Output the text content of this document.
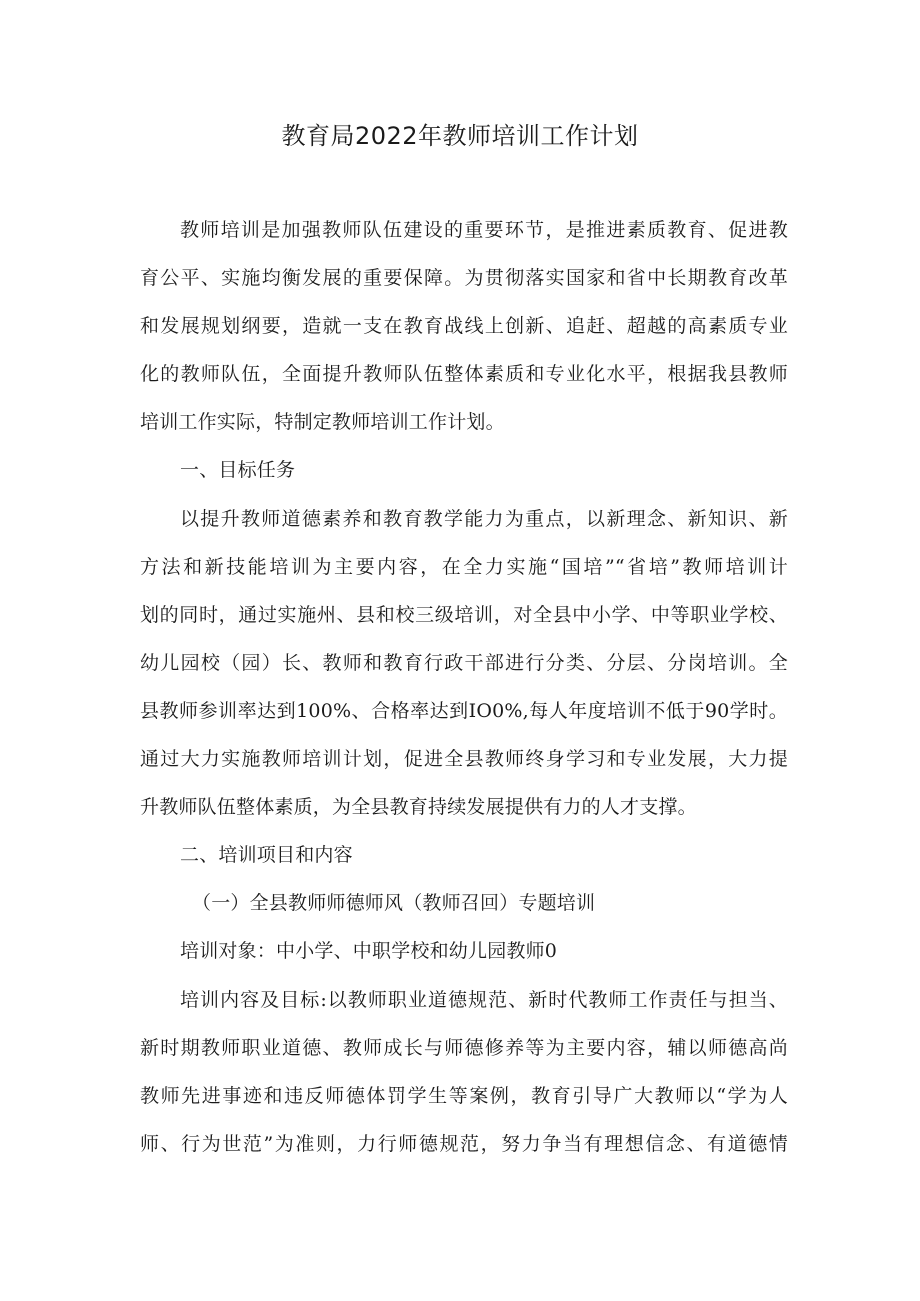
教育局2022年教师培训工作计划
教师培训是加强教师队伍建设的重要环节，是推进素质教育、促进教
育公平、实施均衡发展的重要保障。为贯彻落实国家和省中长期教育改革
和发展规划纲要，造就一支在教育战线上创新、追赶、超越的高素质专业
化的教师队伍，全面提升教师队伍整体素质和专业化水平，根据我县教师
培训工作实际，特制定教师培训工作计划。
一、目标任务
以提升教师道德素养和教育教学能力为重点，以新理念、新知识、新
方法和新技能培训为主要内容，在全力实施“国培”“省培”教师培训计
划的同时，通过实施州、县和校三级培训，对全县中小学、中等职业学校、
幼儿园校（园）长、教师和教育行政干部进行分类、分层、分岗培训。全
县教师参训率达到100%、合格率达到IO0%,每人年度培训不低于90学时。
通过大力实施教师培训计划，促进全县教师终身学习和专业发展，大力提
升教师队伍整体素质，为全县教育持续发展提供有力的人才支撑。
二、培训项目和内容
（一）全县教师师德师风（教师召回）专题培训
培训对象：中小学、中职学校和幼儿园教师0
培训内容及目标:以教师职业道德规范、新时代教师工作责任与担当、
新时期教师职业道德、教师成长与师德修养等为主要内容，辅以师德高尚
教师先进事迹和违反师德体罚学生等案例，教育引导广大教师以“学为人
师、行为世范”为准则，力行师德规范，努力争当有理想信念、有道德情
